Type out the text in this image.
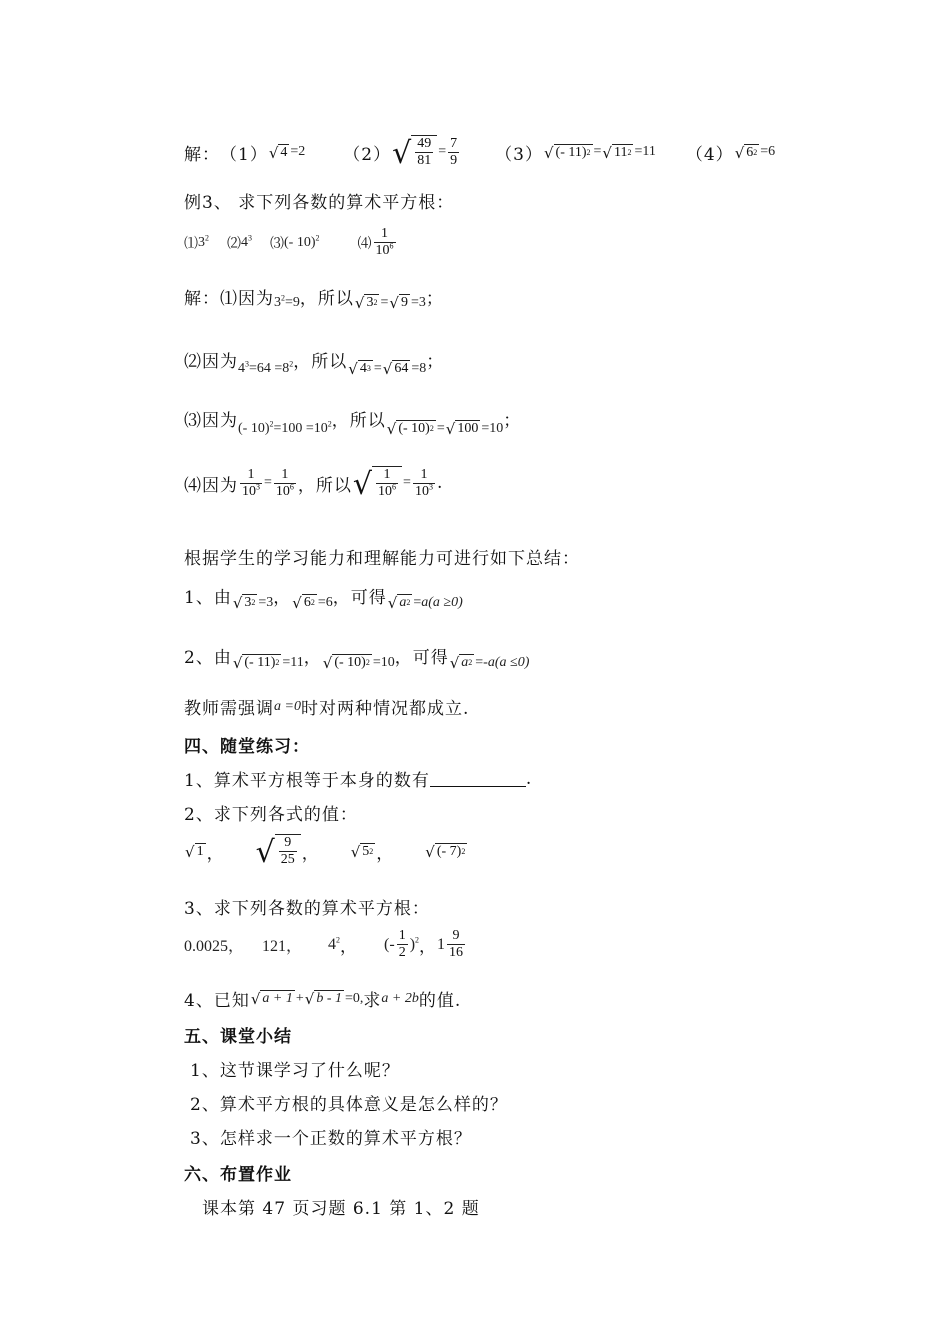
解： （1） √ 4 =2 （2） √ $\frac{49}{81} = \frac{7}{9} (3)$ √ (- 11) 2 = √ 11 2 =11 （4） √ 6 2 =6
例3、 求下列各数的算术平方根：
⑴ $3^2$ ⑵ $4^3$ ⑶ (- 10)$^2$	⑷ $\frac{1}{10^6}$
解：⑴因为 $3^2=9$ ，所以 √ 3 2 = √ 9 =3 ；
⑵因为 $4^3=64 =8^2$ ，所以 √ 4 3 = √ 64 =8 ；
⑶因为 (- $10)^2=100 =10^2$ ，所以 √ (- 10) 2 = √ 100 =10 ；
⑷因为 $\frac{1}{10^3} = \frac{1}{10^6}$ ，所以 √ $\frac{1}{10^6} = \frac{1}{10^3}$ .
根据学生的学习能力和理解能力可进行如下总结：
1、由 √ 3 2 =3 ， √ 6 2 =6 ，可得 √ a 2 = a(a ≥0)
2、由 √ (- 11) 2 =11 ， √ (- 10) 2 =10 ，可得 √ a 2 =- a(a ≤0)
教师需强调 a =0 时对两种情况都成立.
四、随堂练习：
1、算术平方根等于本身的数有	.
2、求下列各式的值：
√ 1 ， √ $\frac{9}{25}$ ， √ 5 2 ， √ (- 7) 2
3、求下列各数的算术平方根：
0.0025， 121， $4^2$ ， (- $\frac{1}{2} )^2$ ， $1 \frac{9}{16}$
4、已知 √ a + 1 + √ b - 1 =0, 求 a + 2b 的值.
五、课堂小结
1、这节课学习了什么呢？
2、算术平方根的具体意义是怎么样的？
3、怎样求一个正数的算术平方根？
六、布置作业
课本第 47 页习题 6.1 第 1、2 题
